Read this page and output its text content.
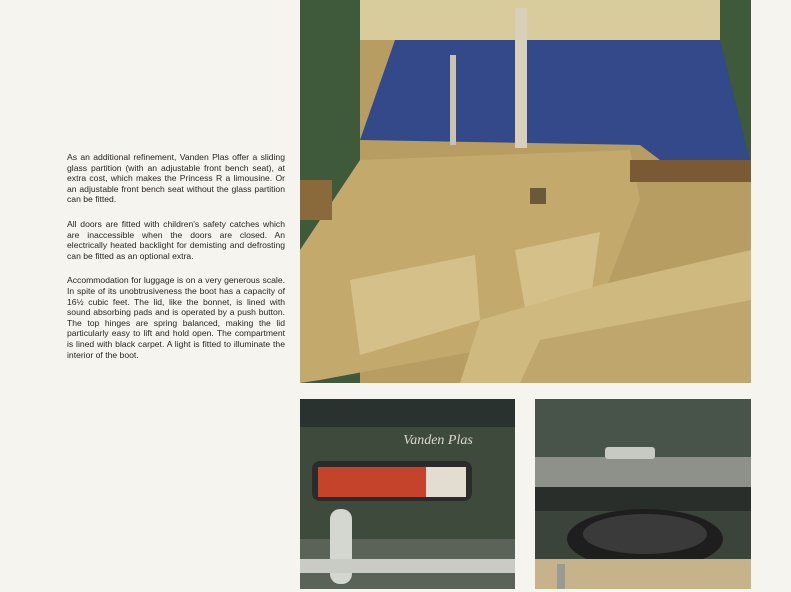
As an additional refinement, Vanden Plas offer a sliding glass partition (with an adjustable front bench seat), at extra cost, which makes the Princess R a limousine. Or an adjustable front bench seat without the glass partition can be fitted.

All doors are fitted with children's safety catches which are inaccessible when the doors are closed. An electrically heated backlight for demisting and defrosting can be fitted as an optional extra.

Accommodation for luggage is on a very generous scale. In spite of its unobtrusiveness the boot has a capacity of 16½ cubic feet. The lid, like the bonnet, is lined with sound absorbing pads and is operated by a push button. The top hinges are spring balanced, making the lid particularly easy to lift and hold open. The compartment is lined with black carpet. A light is fitted to illuminate the interior of the boot.

Vanden Plas
